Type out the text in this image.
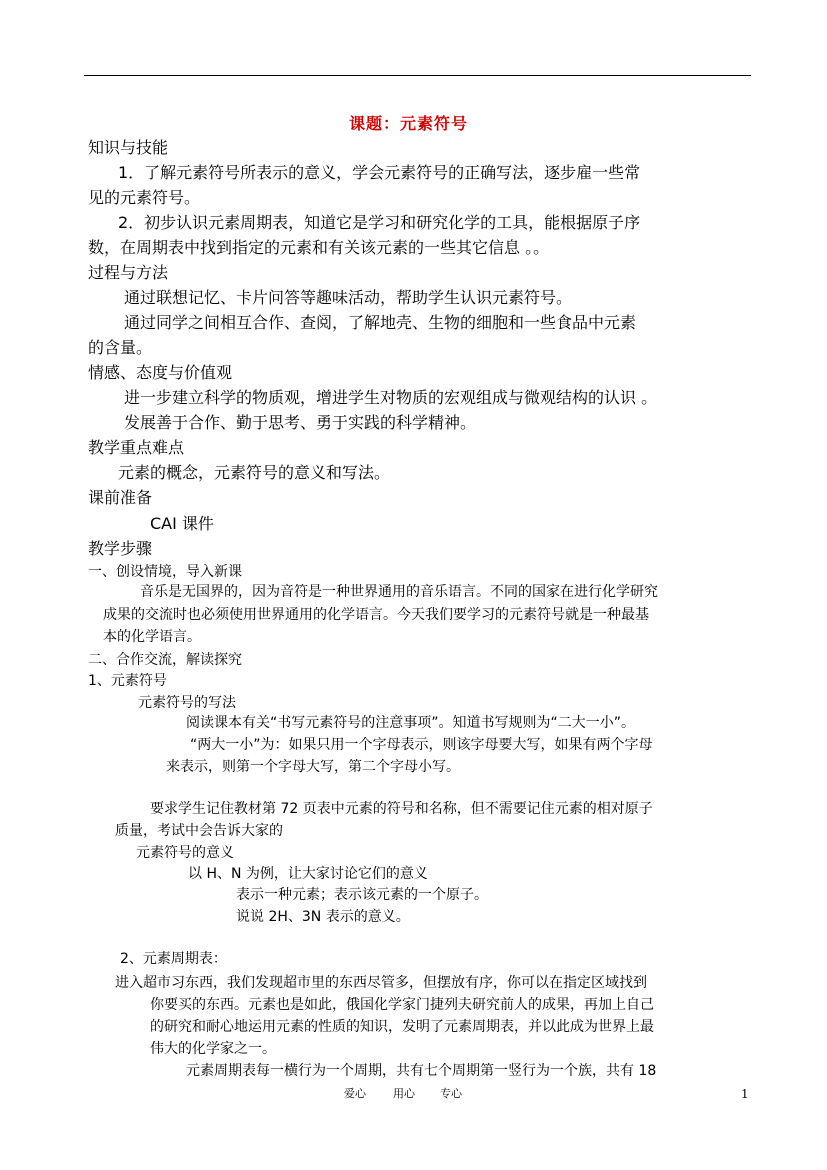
课题：元素符号
知识与技能
1．了解元素符号所表示的意义，学会元素符号的正确写法，逐步雇一些常
见的元素符号。
2．初步认识元素周期表，知道它是学习和研究化学的工具，能根据原子序
数，在周期表中找到指定的元素和有关该元素的一些其它信息 。。
过程与方法
通过联想记忆、卡片问答等趣味活动，帮助学生认识元素符号。
通过同学之间相互合作、查阅，了解地壳、生物的细胞和一些食品中元素
的含量。
情感、态度与价值观
进一步建立科学的物质观，增进学生对物质的宏观组成与微观结构的认识 。
发展善于合作、勤于思考、勇于实践的科学精神。
教学重点难点
元素的概念，元素符号的意义和写法。
课前准备
CAI 课件
教学步骤
一、创设情境，导入新课
音乐是无国界的，因为音符是一种世界通用的音乐语言。不同的国家在进行化学研究
成果的交流时也必须使用世界通用的化学语言。今天我们要学习的元素符号就是一种最基
本的化学语言。
二、合作交流，解读探究
1、元素符号
元素符号的写法
阅读课本有关“书写元素符号的注意事项”。知道书写规则为“二大一小”。
“两大一小”为：如果只用一个字母表示，则该字母要大写，如果有两个字母
来表示，则第一个字母大写，第二个字母小写。
要求学生记住教材第 72 页表中元素的符号和名称，但不需要记住元素的相对原子
质量，考试中会告诉大家的
元素符号的意义
以 H、N 为例，让大家讨论它们的意义
表示一种元素；表示该元素的一个原子。
说说 2H、3N 表示的意义。
2、元素周期表：
进入超市习东西，我们发现超市里的东西尽管多，但摆放有序，你可以在指定区域找到
你要买的东西。元素也是如此，俄国化学家门捷列夫研究前人的成果，再加上自己
的研究和耐心地运用元素的性质的知识，发明了元素周期表，并以此成为世界上最
伟大的化学家之一。
元素周期表每一横行为一个周期，共有七个周期第一竖行为一个族，共有 18
爱心 用心 专心	1
